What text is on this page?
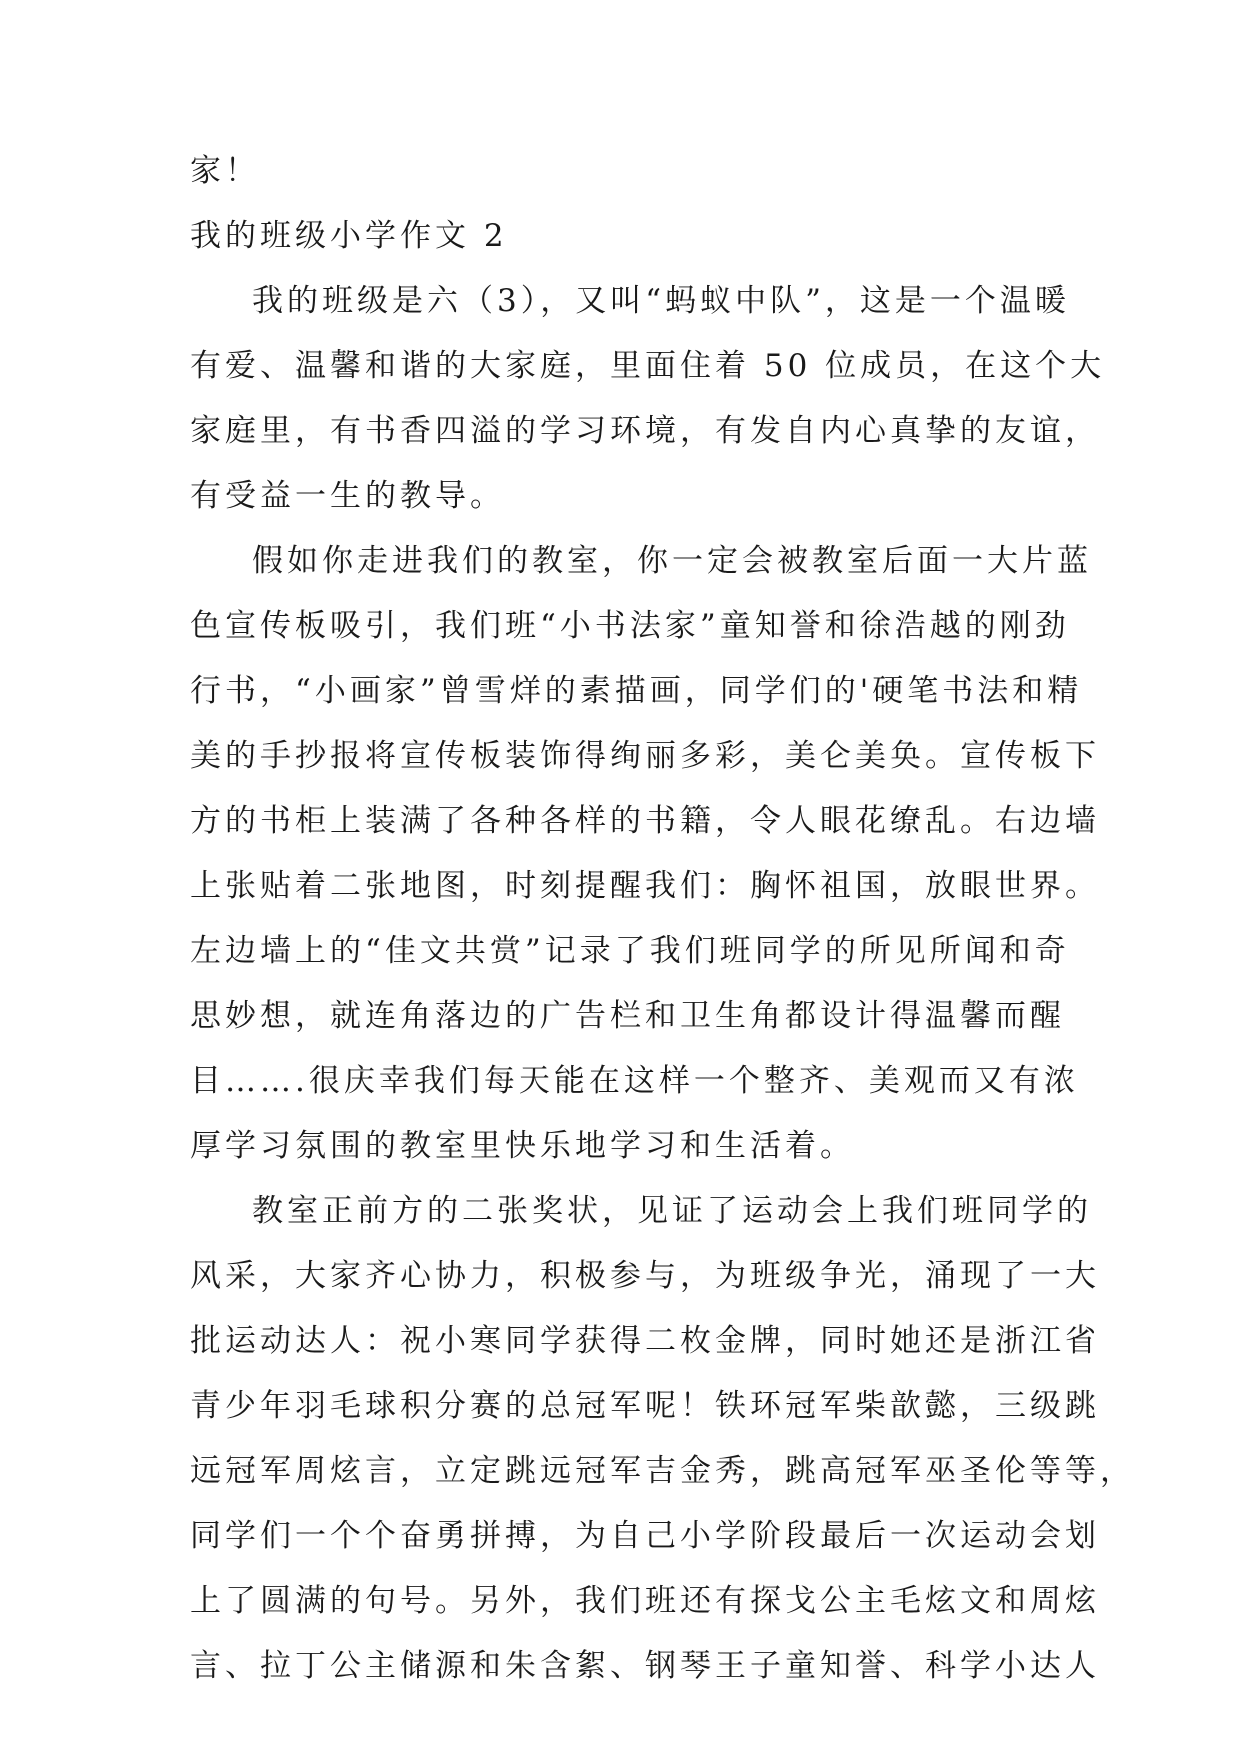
家！
我的班级小学作文 2
我的班级是六（3），又叫“蚂蚁中队”，这是一个温暖
有爱、温馨和谐的大家庭，里面住着 50 位成员，在这个大
家庭里，有书香四溢的学习环境，有发自内心真挚的友谊，
有受益一生的教导。
假如你走进我们的教室，你一定会被教室后面一大片蓝
色宣传板吸引，我们班“小书法家”童知誉和徐浩越的刚劲
行书，“小画家”曾雪烊的素描画，同学们的'硬笔书法和精
美的手抄报将宣传板装饰得绚丽多彩，美仑美奂。宣传板下
方的书柜上装满了各种各样的书籍，令人眼花缭乱。右边墙
上张贴着二张地图，时刻提醒我们：胸怀祖国，放眼世界。
左边墙上的“佳文共赏”记录了我们班同学的所见所闻和奇
思妙想，就连角落边的广告栏和卫生角都设计得温馨而醒
目…….很庆幸我们每天能在这样一个整齐、美观而又有浓
厚学习氛围的教室里快乐地学习和生活着。
教室正前方的二张奖状，见证了运动会上我们班同学的
风采，大家齐心协力，积极参与，为班级争光，涌现了一大
批运动达人：祝小寒同学获得二枚金牌，同时她还是浙江省
青少年羽毛球积分赛的总冠军呢！铁环冠军柴歆懿，三级跳
远冠军周炫言，立定跳远冠军吉金秀，跳高冠军巫圣伦等等，
同学们一个个奋勇拼搏，为自己小学阶段最后一次运动会划
上了圆满的句号。另外，我们班还有探戈公主毛炫文和周炫
言、拉丁公主储源和朱含絮、钢琴王子童知誉、科学小达人
